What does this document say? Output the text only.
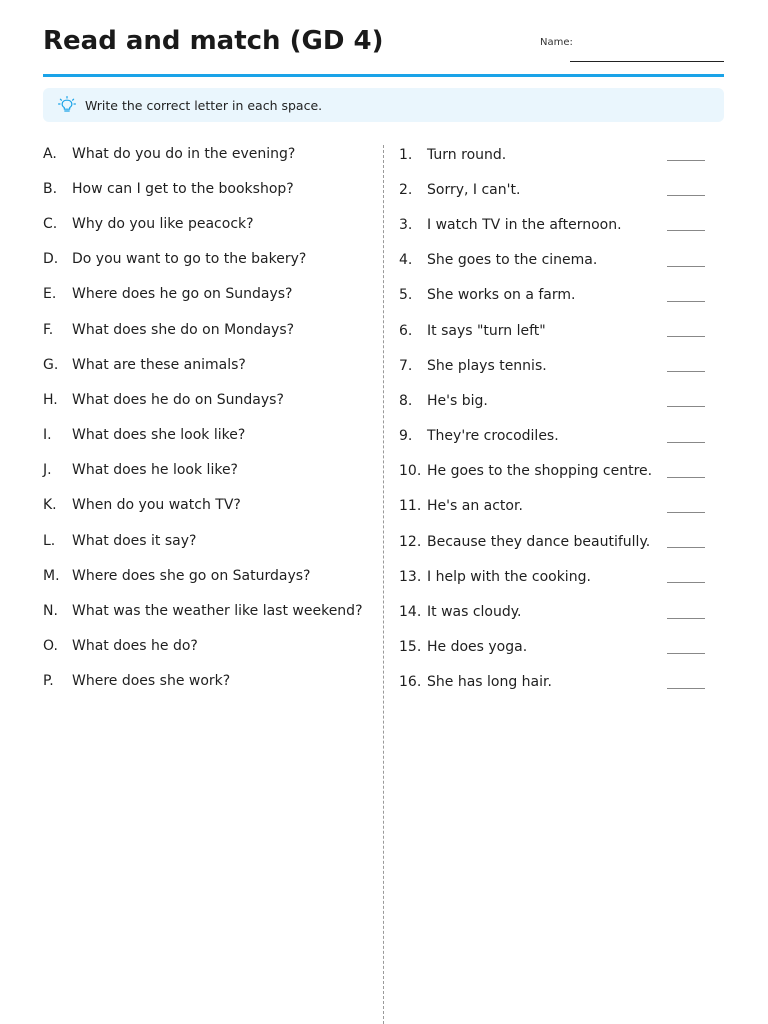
Read and match (GD 4)	Name:
Write the correct letter in each space.
A.	What do you do in the evening?
B.	How can I get to the bookshop?
C.	Why do you like peacock?
D. Do you want to go to the bakery?
E.	Where does he go on Sundays?
F.	What does she do on Mondays?
G. What are these animals?
H.	What does he do on Sundays?
I.	What does she look like?
J.	What does he look like?
K.	When do you watch TV?
L.	What does it say?
M. Where does she go on Saturdays?
N.	What was the weather like last weekend?
O.	What does he do?
P.	Where does she work?
1.	Turn round.
2.	Sorry, I can't.
3.	I watch TV in the afternoon.
4.	She goes to the cinema.
5.	She works on a farm.
6.	It says "turn left"
7.	She plays tennis.
8.	He's big.
9.	They're crocodiles.
10. He goes to the shopping centre.
11. He's an actor.
12. Because they dance beautifully.
13. I help with the cooking.
14. It was cloudy.
15. He does yoga.
16. She has long hair.
